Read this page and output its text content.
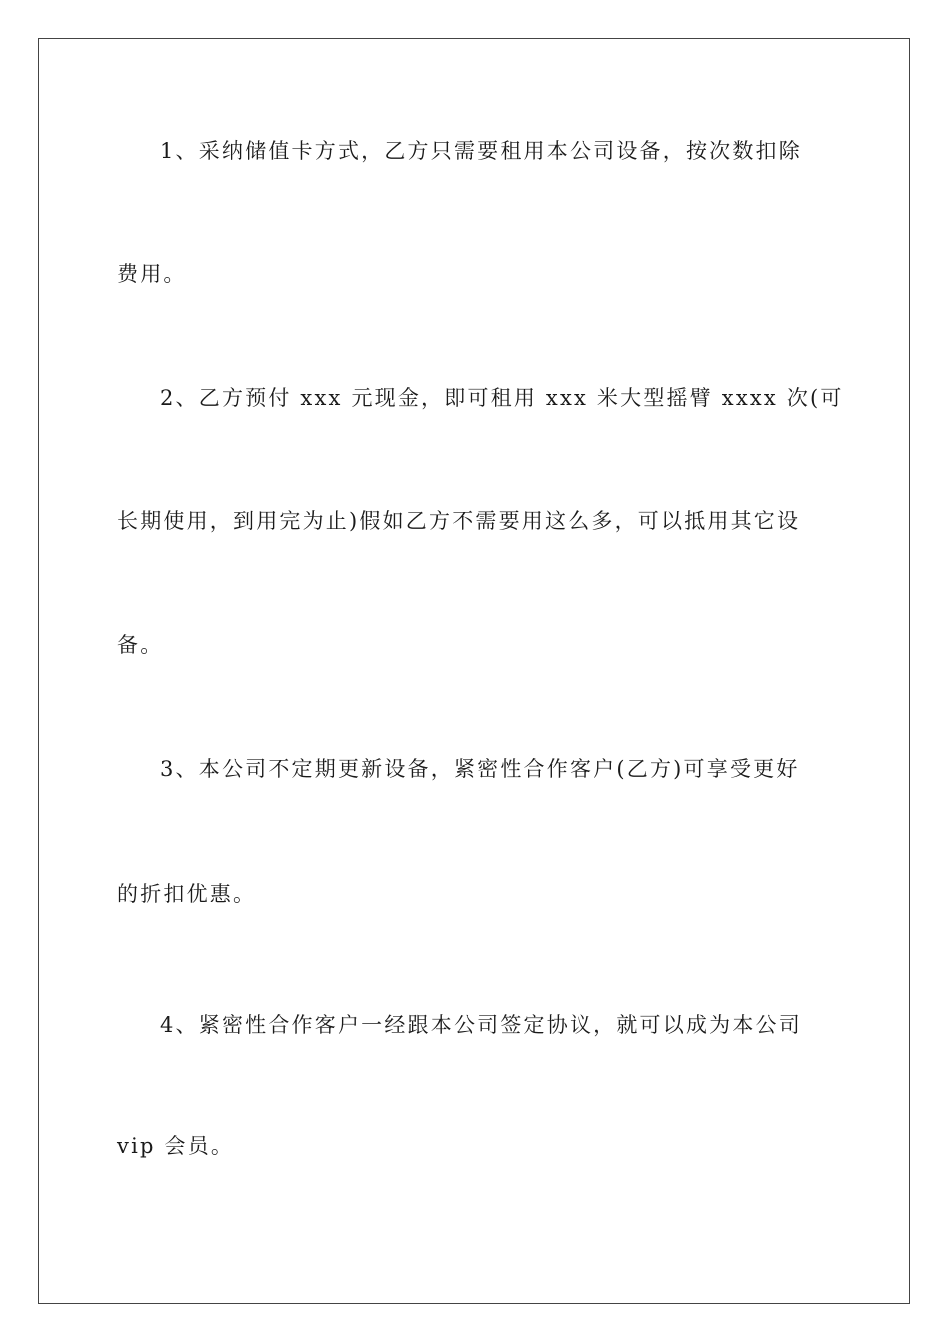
1、采纳储值卡方式，乙方只需要租用本公司设备，按次数扣除
费用。
2、乙方预付 xxx 元现金，即可租用 xxx 米大型摇臂 xxxx 次(可
长期使用，到用完为止)假如乙方不需要用这么多，可以抵用其它设
备。
3、本公司不定期更新设备，紧密性合作客户(乙方)可享受更好
的折扣优惠。
4、紧密性合作客户一经跟本公司签定协议，就可以成为本公司
vip 会员。
